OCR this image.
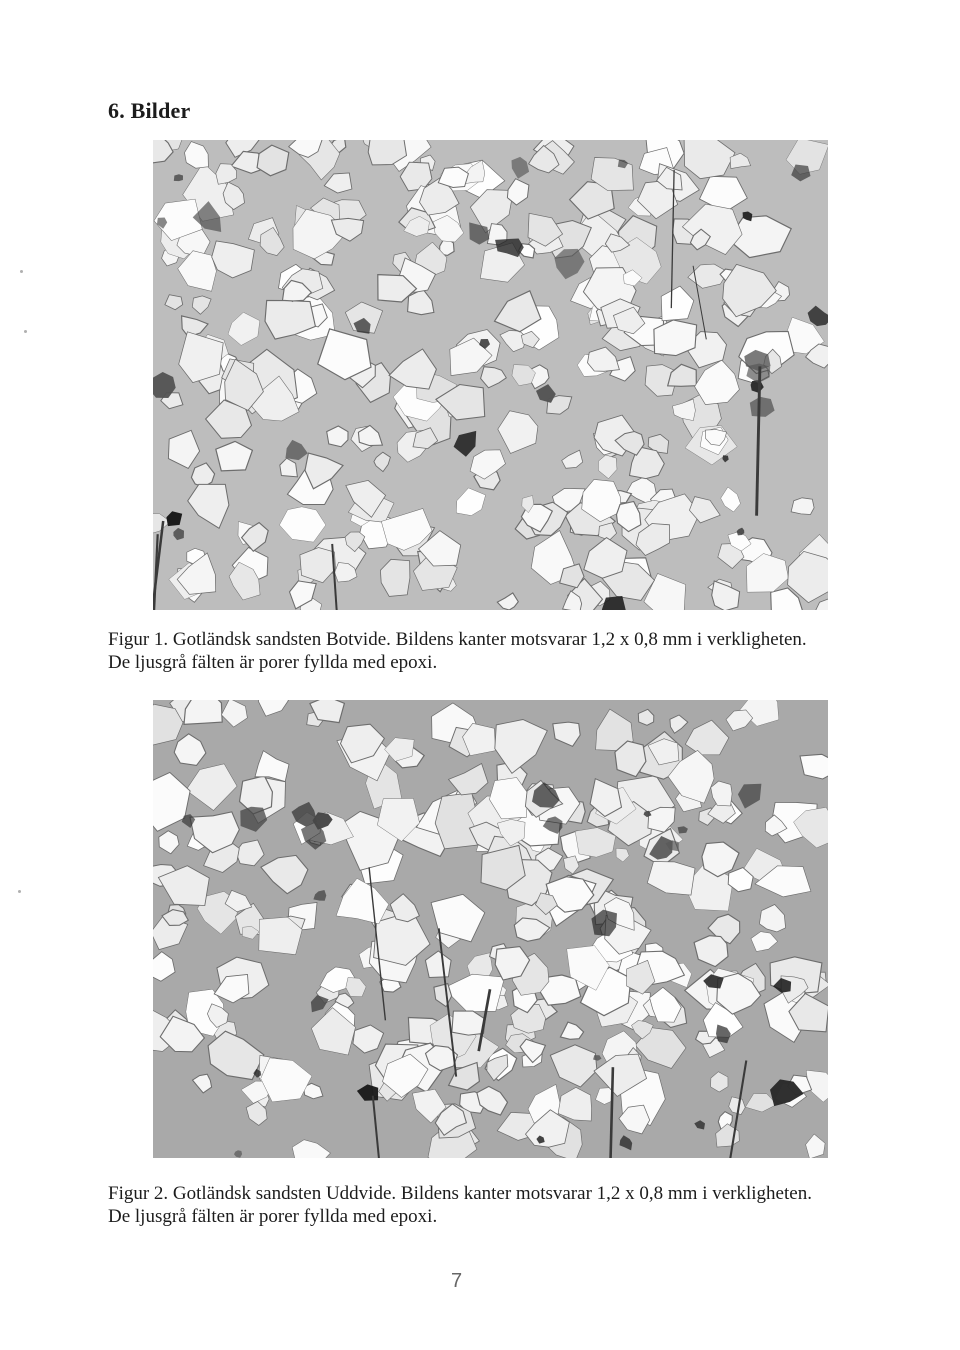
6. Bilder
Figur 1. Gotländsk sandsten Botvide. Bildens kanter motsvarar 1,2 x 0,8 mm i verkligheten.
De ljusgrå fälten är porer fyllda med epoxi.
Figur 2. Gotländsk sandsten Uddvide. Bildens kanter motsvarar 1,2 x 0,8 mm i verkligheten.
De ljusgrå fälten är porer fyllda med epoxi.
7
